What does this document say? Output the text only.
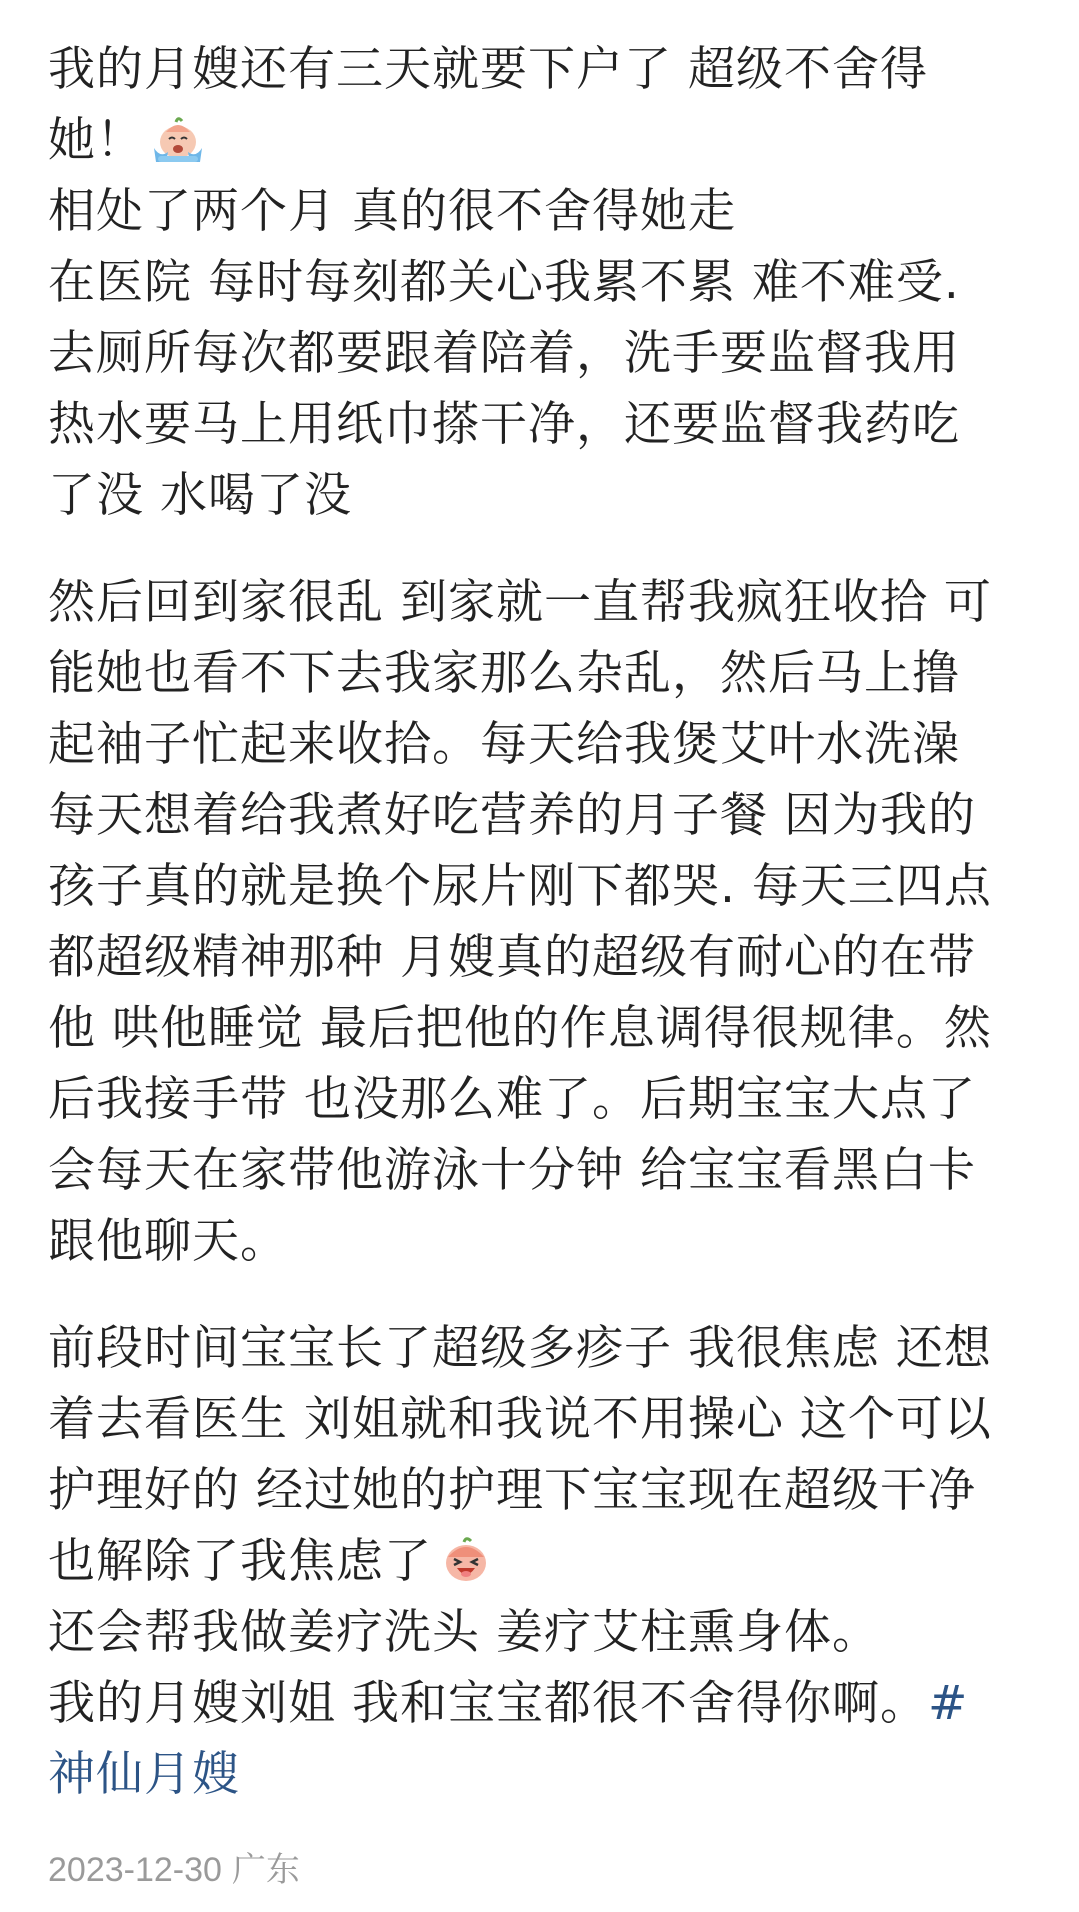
我的月嫂还有三天就要下户了 超级不舍得
她！
相处了两个月 真的很不舍得她走
在医院 每时每刻都关心我累不累 难不难受.
去厕所每次都要跟着陪着，洗手要监督我用
热水要马上用纸巾搽干净，还要监督我药吃
了没 水喝了没
然后回到家很乱 到家就一直帮我疯狂收拾 可
能她也看不下去我家那么杂乱，然后马上撸
起袖子忙起来收拾。每天给我煲艾叶水洗澡
每天想着给我煮好吃营养的月子餐 因为我的
孩子真的就是换个尿片刚下都哭. 每天三四点
都超级精神那种 月嫂真的超级有耐心的在带
他 哄他睡觉 最后把他的作息调得很规律。然
后我接手带 也没那么难了。后期宝宝大点了
会每天在家带他游泳十分钟 给宝宝看黑白卡
跟他聊天。
前段时间宝宝长了超级多疹子 我很焦虑 还想
着去看医生 刘姐就和我说不用操心 这个可以
护理好的 经过她的护理下宝宝现在超级干净
也解除了我焦虑了
还会帮我做姜疗洗头 姜疗艾柱熏身体。
我的月嫂刘姐 我和宝宝都很不舍得你啊。#
神仙月嫂
2023-12-30 广东
